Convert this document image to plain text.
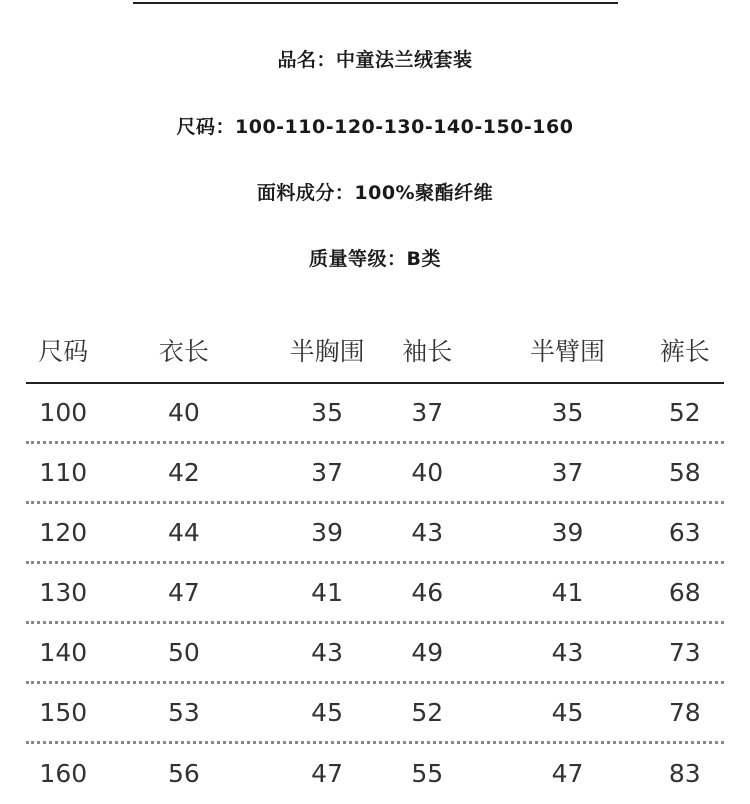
品名：中童法兰绒套装
尺码：100-110-120-130-140-150-160
面料成分：100%聚酯纤维
质量等级：B类
尺码	衣长	半胸围	袖长	半臂围	裤长
100	40	35	37	35	52
110	42	37	40	37	58
120	44	39	43	39	63
130	47	41	46	41	68
140	50	43	49	43	73
150	53	45	52	45	78
160	56	47	55	47	83
